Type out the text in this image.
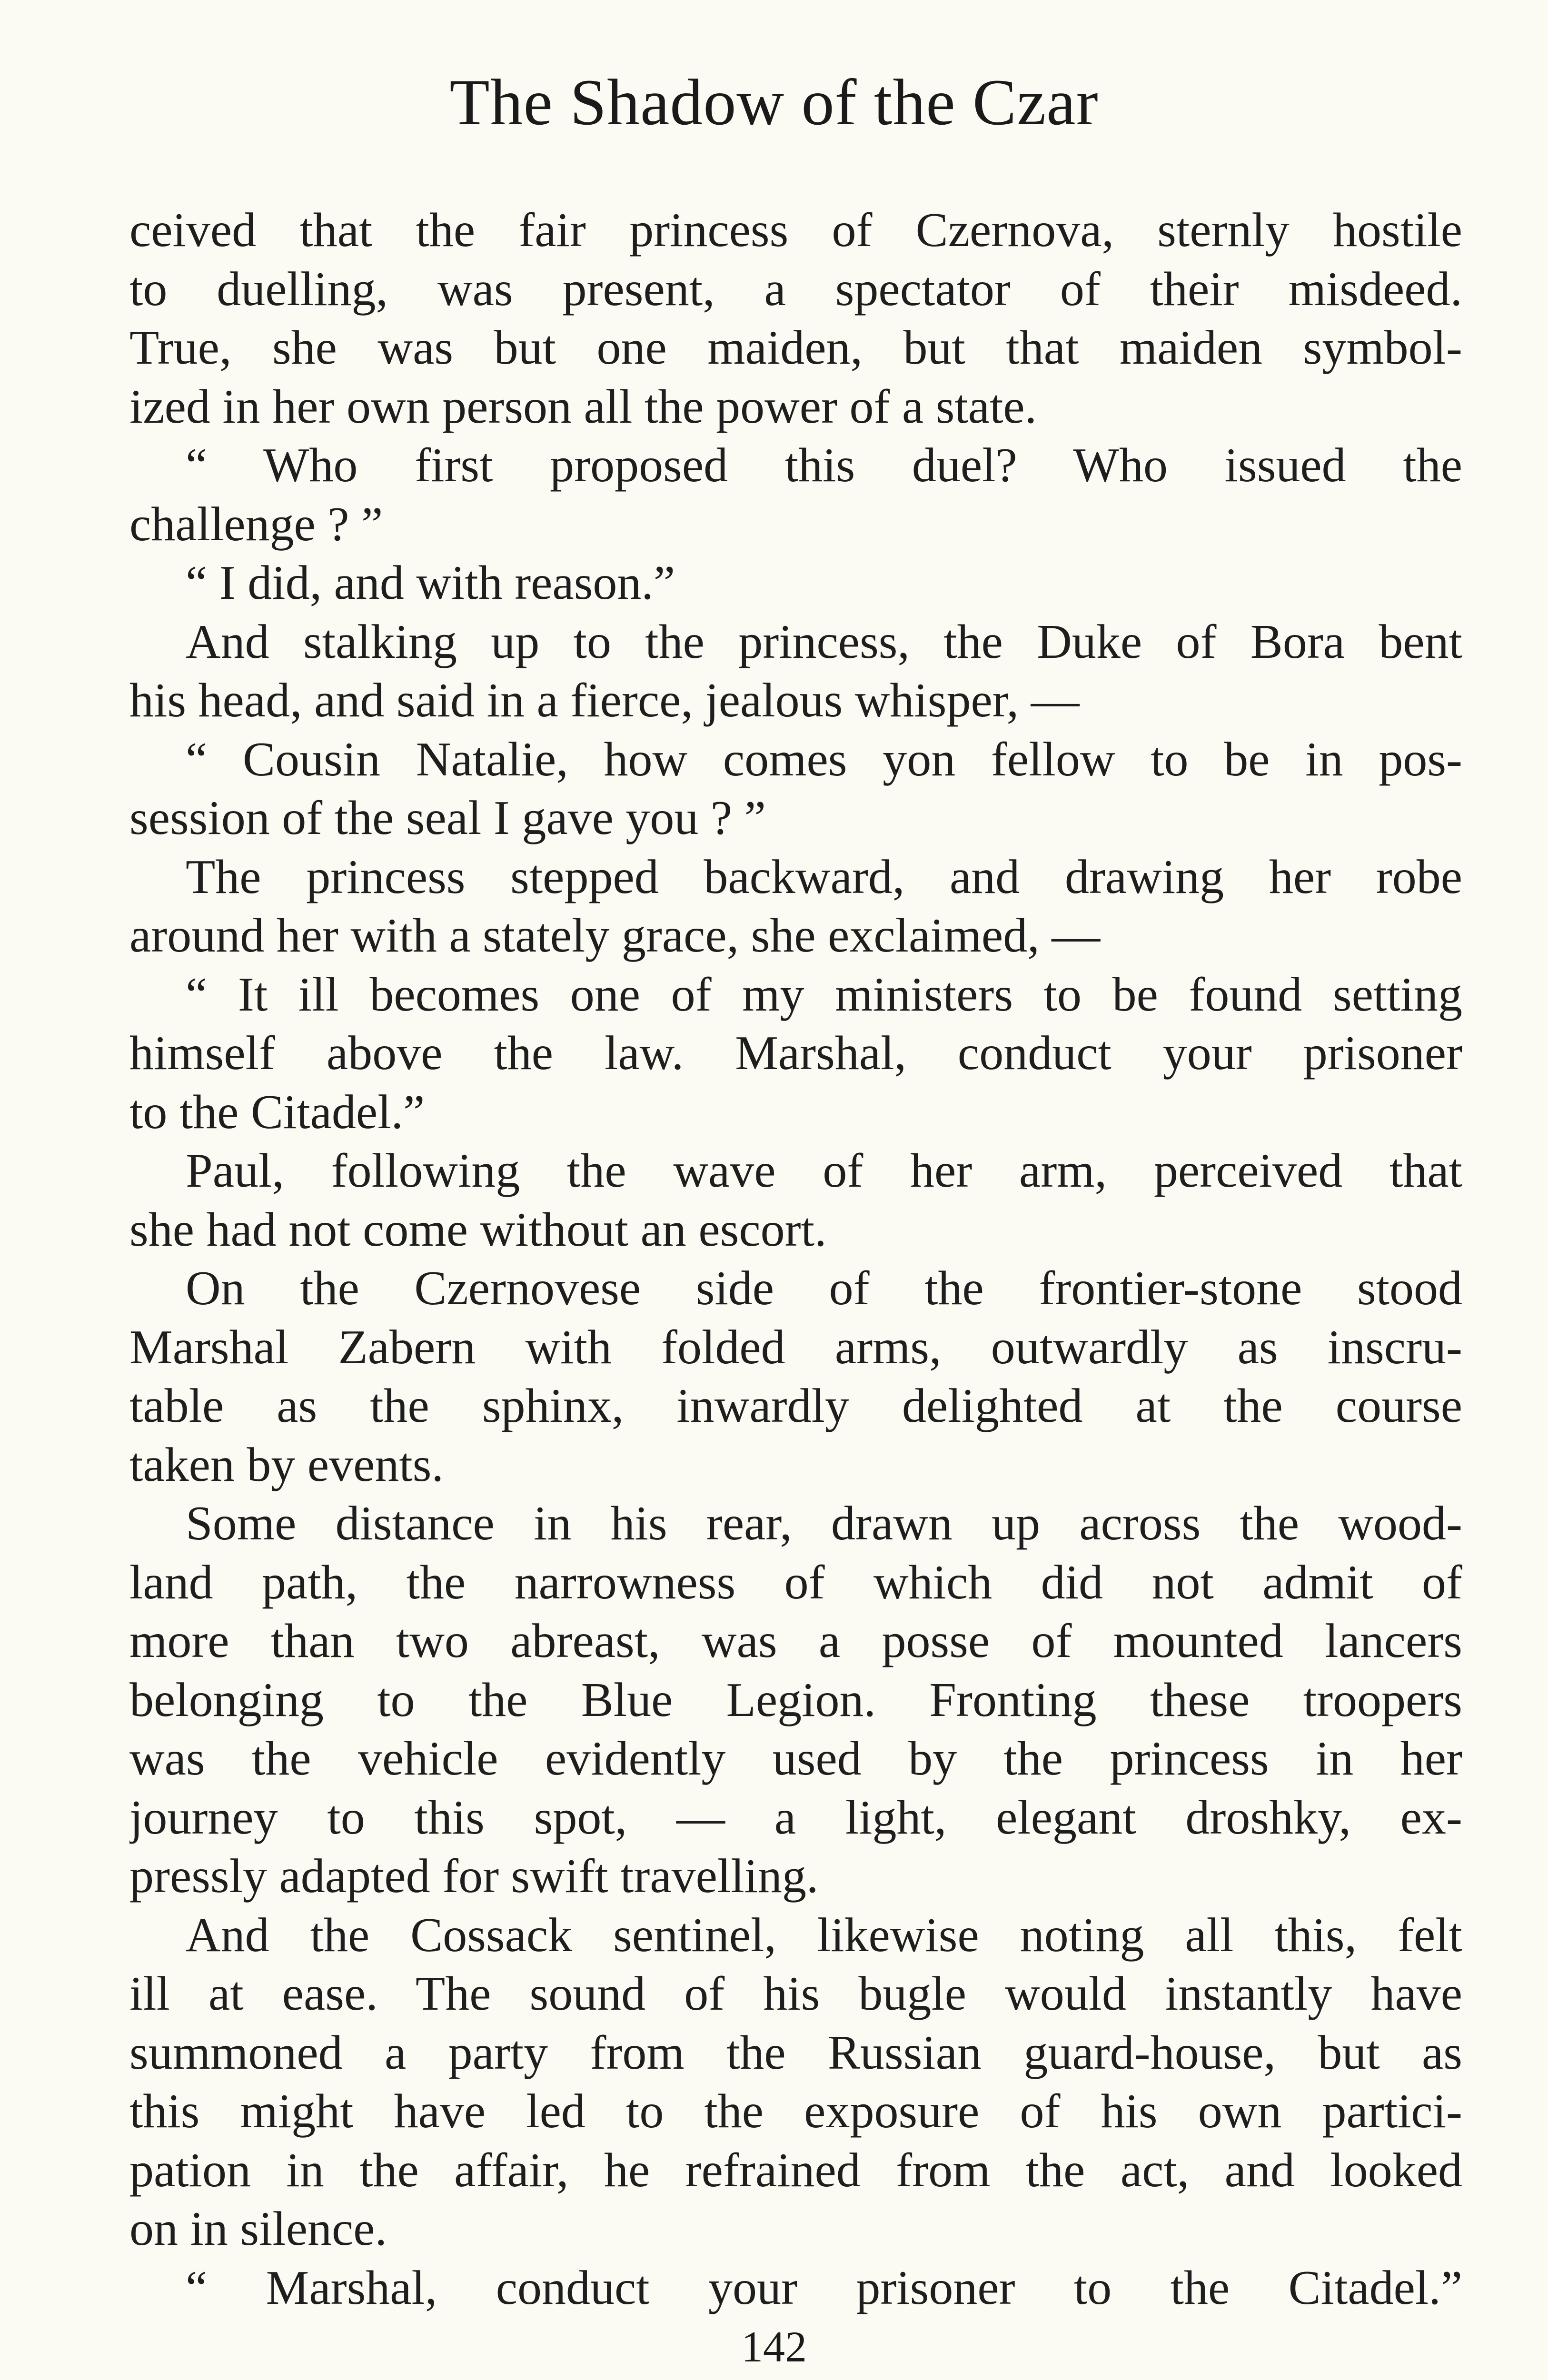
The Shadow of the Czar
ceived that the fair princess of Czernova, sternly hostile
to duelling, was present, a spectator of their misdeed.
True, she was but one maiden, but that maiden symbol-
ized in her own person all the power of a state.
“ Who first proposed this duel? Who issued the
challenge ? ”
“ I did, and with reason.”
And stalking up to the princess, the Duke of Bora bent
his head, and said in a fierce, jealous whisper, —
“ Cousin Natalie, how comes yon fellow to be in pos-
session of the seal I gave you ? ”
The princess stepped backward, and drawing her robe
around her with a stately grace, she exclaimed, —
“ It ill becomes one of my ministers to be found setting
himself above the law. Marshal, conduct your prisoner
to the Citadel.”
Paul, following the wave of her arm, perceived that
she had not come without an escort.
On the Czernovese side of the frontier-stone stood
Marshal Zabern with folded arms, outwardly as inscru-
table as the sphinx, inwardly delighted at the course
taken by events.
Some distance in his rear, drawn up across the wood-
land path, the narrowness of which did not admit of
more than two abreast, was a posse of mounted lancers
belonging to the Blue Legion. Fronting these troopers
was the vehicle evidently used by the princess in her
journey to this spot, — a light, elegant droshky, ex-
pressly adapted for swift travelling.
And the Cossack sentinel, likewise noting all this, felt
ill at ease. The sound of his bugle would instantly have
summoned a party from the Russian guard-house, but as
this might have led to the exposure of his own partici-
pation in the affair, he refrained from the act, and looked
on in silence.
“ Marshal, conduct your prisoner to the Citadel.”
142
